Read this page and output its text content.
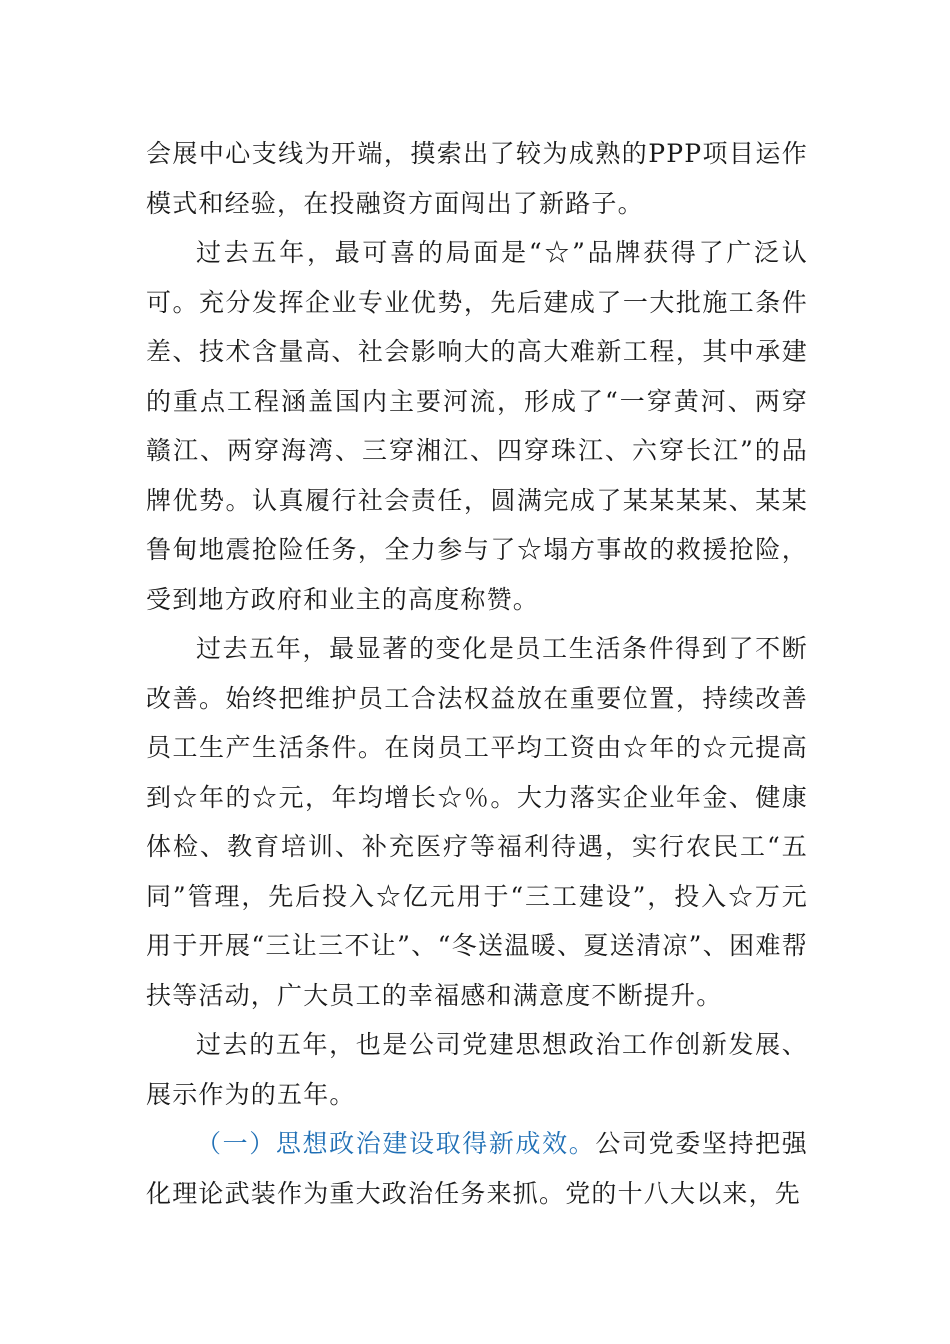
会展中心支线为开端，摸索出了较为成熟的PPP项目运作模式和经验，在投融资方面闯出了新路子。

过去五年，最可喜的局面是“☆”品牌获得了广泛认可。充分发挥企业专业优势，先后建成了一大批施工条件差、技术含量高、社会影响大的高大难新工程，其中承建的重点工程涵盖国内主要河流，形成了“一穿黄河、两穿赣江、两穿海湾、三穿湘江、四穿珠江、六穿长江”的品牌优势。认真履行社会责任，圆满完成了某某某某、某某鲁甸地震抢险任务，全力参与了☆塌方事故的救援抢险，受到地方政府和业主的高度称赞。

过去五年，最显著的变化是员工生活条件得到了不断改善。始终把维护员工合法权益放在重要位置，持续改善员工生产生活条件。在岗员工平均工资由☆年的☆元提高到☆年的☆元，年均增长☆％。大力落实企业年金、健康体检、教育培训、补充医疗等福利待遇，实行农民工“五同”管理，先后投入☆亿元用于“三工建设”，投入☆万元用于开展“三让三不让”、“冬送温暖、夏送清凉”、困难帮扶等活动，广大员工的幸福感和满意度不断提升。

过去的五年，也是公司党建思想政治工作创新发展、展示作为的五年。

（一）思想政治建设取得新成效。公司党委坚持把强化理论武装作为重大政治任务来抓。党的十八大以来，先
